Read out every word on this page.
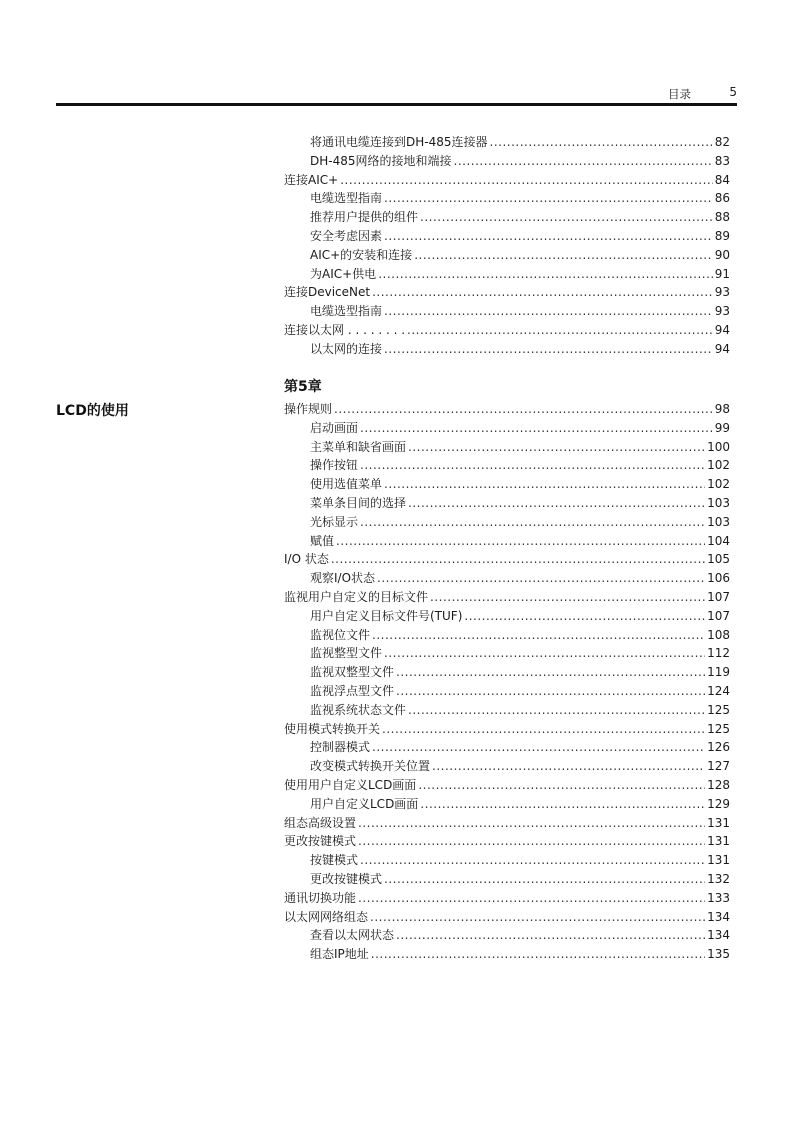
目录	5
LCD的使用
第5章
将通讯电缆连接到DH-485连接器 .....	82
DH-485网络的接地和端接 .....	83
连接AIC+ .....	84
电缆选型指南 .....	86
推荐用户提供的组件 .....	88
安全考虑因素 .....	89
AIC+的安装和连接 .....	90
为AIC+供电 .....	91
连接DeviceNet .....	93
电缆选型指南 .....	93
连接以太网 . . . . . . . . .....	94
以太网的连接 .....	94
操作规则 .....	98
启动画面 .....	99
主菜单和缺省画面 .....	100
操作按钮 .....	102
使用选值菜单 .....	102
菜单条目间的选择 .....	103
光标显示 .....	103
赋值 .....	104
I/O 状态 .....	105
观察I/O状态 .....	106
监视用户自定义的目标文件 .....	107
用户自定义目标文件号(TUF) .....	107
监视位文件 .....	108
监视整型文件 .....	112
监视双整型文件 .....	119
监视浮点型文件 .....	124
监视系统状态文件 .....	125
使用模式转换开关 .....	125
控制器模式 .....	126
改变模式转换开关位置 .....	127
使用用户自定义LCD画面 .....	128
用户自定义LCD画面 .....	129
组态高级设置 .....	131
更改按键模式 .....	131
按键模式 .....	131
更改按键模式 .....	132
通讯切换功能 .....	133
以太网网络组态 .....	134
查看以太网状态 .....	134
组态IP地址 .....	135
